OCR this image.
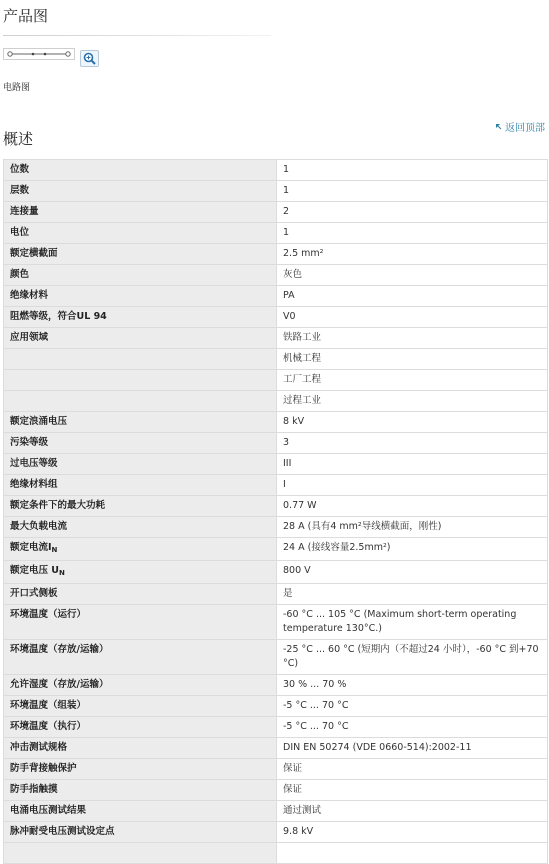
产品图
电路图
概述
返回顶部
位数	1
层数	1
连接量	2
电位	1
额定横截面	2.5 mm²
颜色	灰色
绝缘材料	PA
阻燃等级，符合UL 94	V0
应用领域	铁路工业
	机械工程
	工厂工程
	过程工业
额定浪涌电压	8 kV
污染等级	3
过电压等级	III
绝缘材料组	I
额定条件下的最大功耗	0.77 W
最大负载电流	28 A (具有4 mm²导线横截面，刚性)
额定电流$I_N$	24 A (接线容量2.5mm²)
额定电压 $U_N$	800 V
开口式侧板	是
环境温度（运行）	-60 °C ... 105 °C (Maximum short-term operating temperature 130°C.)
环境温度（存放/运输）	-25 °C ... 60 °C (短期内（不超过24 小时），-60 °C 到+70 °C)
允许湿度（存放/运输）	30 % ... 70 %
环境温度（组装）	-5 °C ... 70 °C
环境温度（执行）	-5 °C ... 70 °C
冲击测试规格	DIN EN 50274 (VDE 0660-514):2002-11
防手背接触保护	保证
防手指触摸	保证
电涌电压测试结果	通过测试
脉冲耐受电压测试设定点	9.8 kV
